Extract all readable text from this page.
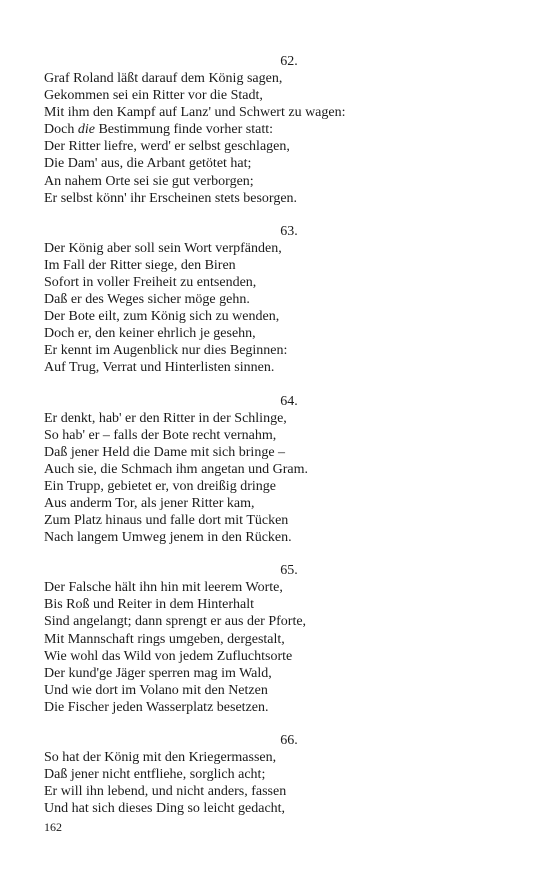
62.
Graf Roland läßt darauf dem König sagen,
Gekommen sei ein Ritter vor die Stadt,
Mit ihm den Kampf auf Lanz' und Schwert zu wagen:
Doch die Bestimmung finde vorher statt:
Der Ritter liefre, werd' er selbst geschlagen,
Die Dam' aus, die Arbant getötet hat;
An nahem Orte sei sie gut verborgen;
Er selbst könn' ihr Erscheinen stets besorgen.
63.
Der König aber soll sein Wort verpfänden,
Im Fall der Ritter siege, den Biren
Sofort in voller Freiheit zu entsenden,
Daß er des Weges sicher möge gehn.
Der Bote eilt, zum König sich zu wenden,
Doch er, den keiner ehrlich je gesehn,
Er kennt im Augenblick nur dies Beginnen:
Auf Trug, Verrat und Hinterlisten sinnen.
64.
Er denkt, hab' er den Ritter in der Schlinge,
So hab' er – falls der Bote recht vernahm,
Daß jener Held die Dame mit sich bringe –
Auch sie, die Schmach ihm angetan und Gram.
Ein Trupp, gebietet er, von dreißig dringe
Aus anderm Tor, als jener Ritter kam,
Zum Platz hinaus und falle dort mit Tücken
Nach langem Umweg jenem in den Rücken.
65.
Der Falsche hält ihn hin mit leerem Worte,
Bis Roß und Reiter in dem Hinterhalt
Sind angelangt; dann sprengt er aus der Pforte,
Mit Mannschaft rings umgeben, dergestalt,
Wie wohl das Wild von jedem Zufluchtsorte
Der kund'ge Jäger sperren mag im Wald,
Und wie dort im Volano mit den Netzen
Die Fischer jeden Wasserplatz besetzen.
66.
So hat der König mit den Kriegermassen,
Daß jener nicht entfliehe, sorglich acht;
Er will ihn lebend, und nicht anders, fassen
Und hat sich dieses Ding so leicht gedacht,
162
